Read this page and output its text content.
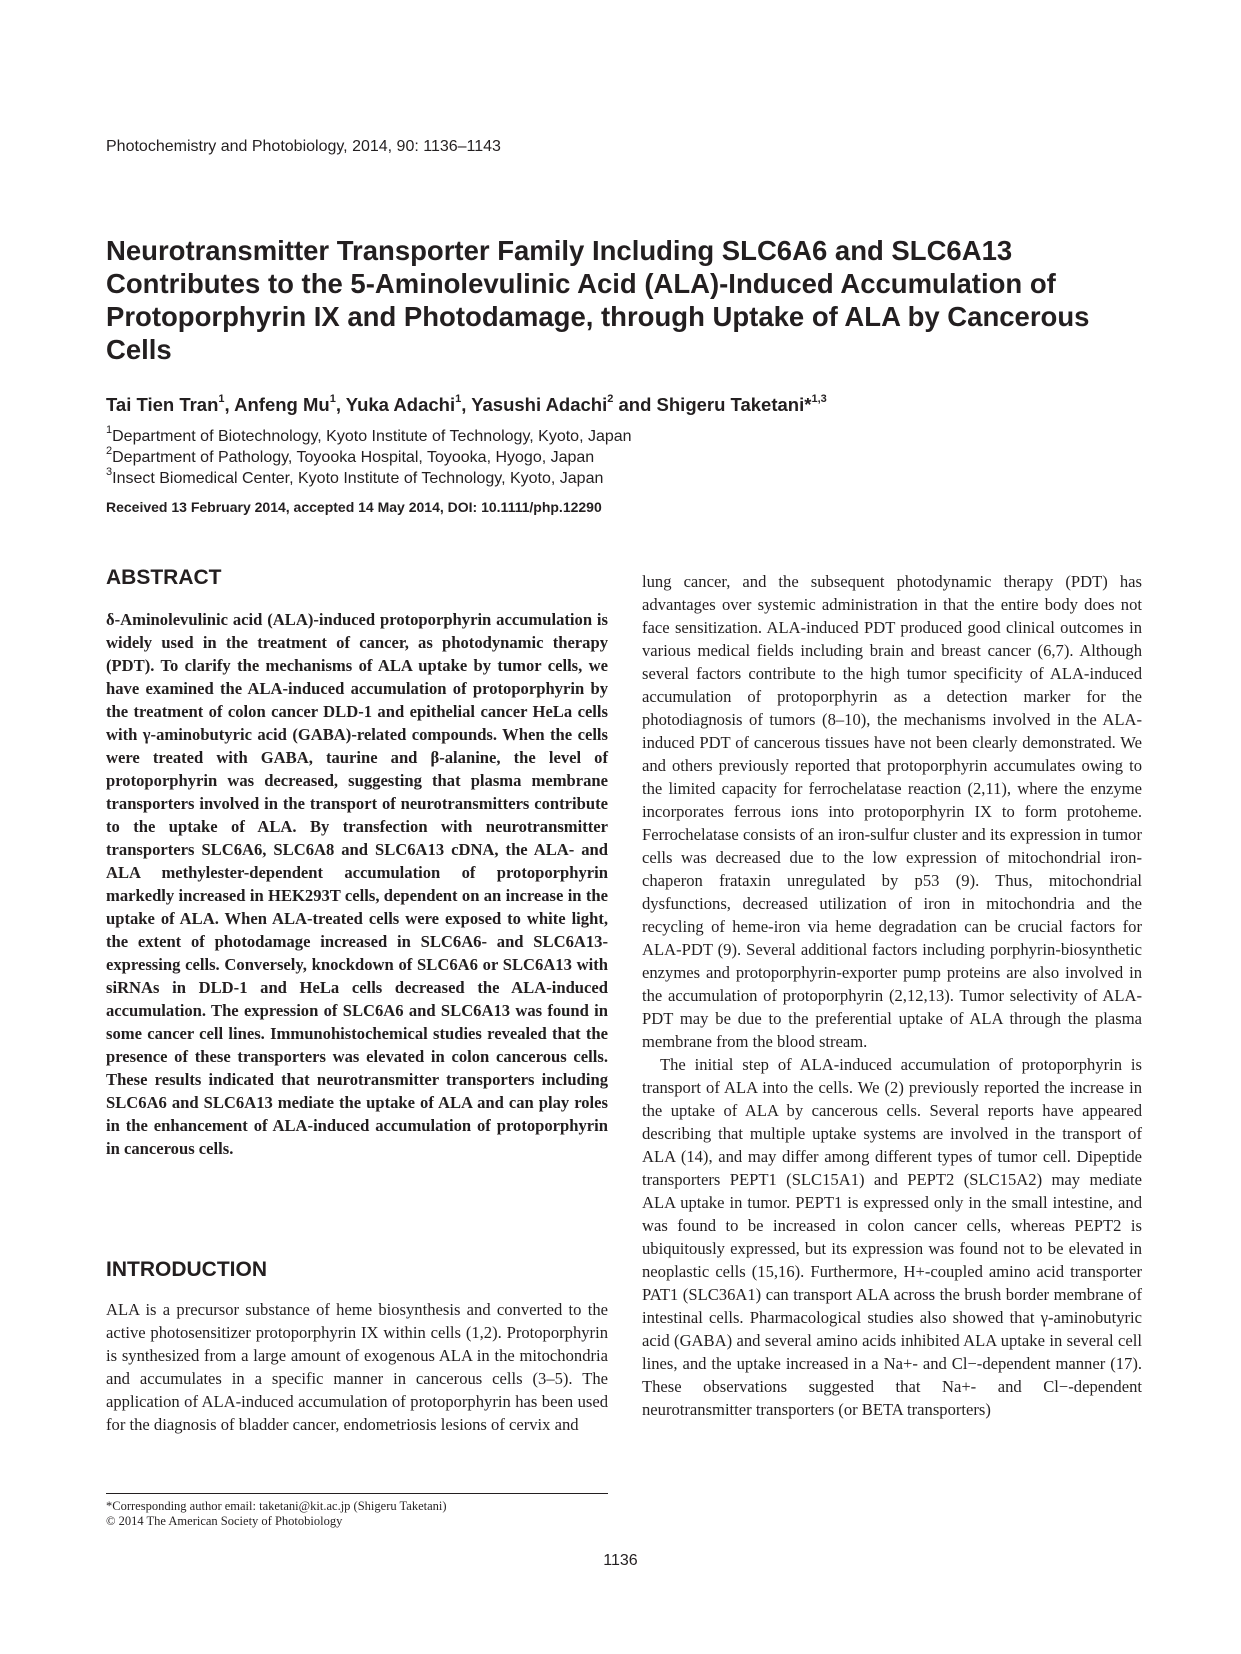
Photochemistry and Photobiology, 2014, 90: 1136–1143
Neurotransmitter Transporter Family Including SLC6A6 and SLC6A13 Contributes to the 5-Aminolevulinic Acid (ALA)-Induced Accumulation of Protoporphyrin IX and Photodamage, through Uptake of ALA by Cancerous Cells
Tai Tien Tran$^1$, Anfeng Mu$^1$, Yuka Adachi$^1$, Yasushi Adachi$^2$ and Shigeru Taketani*$^{1,3}$
$^1$Department of Biotechnology, Kyoto Institute of Technology, Kyoto, Japan
$^2$Department of Pathology, Toyooka Hospital, Toyooka, Hyogo, Japan
$^3$Insect Biomedical Center, Kyoto Institute of Technology, Kyoto, Japan
Received 13 February 2014, accepted 14 May 2014, DOI: 10.1111/php.12290
ABSTRACT
δ-Aminolevulinic acid (ALA)-induced protoporphyrin accumulation is widely used in the treatment of cancer, as photodynamic therapy (PDT). To clarify the mechanisms of ALA uptake by tumor cells, we have examined the ALA-induced accumulation of protoporphyrin by the treatment of colon cancer DLD-1 and epithelial cancer HeLa cells with γ-aminobutyric acid (GABA)-related compounds. When the cells were treated with GABA, taurine and β-alanine, the level of protoporphyrin was decreased, suggesting that plasma membrane transporters involved in the transport of neurotransmitters contribute to the uptake of ALA. By transfection with neurotransmitter transporters SLC6A6, SLC6A8 and SLC6A13 cDNA, the ALA- and ALA methylester-dependent accumulation of protoporphyrin markedly increased in HEK293T cells, dependent on an increase in the uptake of ALA. When ALA-treated cells were exposed to white light, the extent of photodamage increased in SLC6A6- and SLC6A13-expressing cells. Conversely, knockdown of SLC6A6 or SLC6A13 with siRNAs in DLD-1 and HeLa cells decreased the ALA-induced accumulation. The expression of SLC6A6 and SLC6A13 was found in some cancer cell lines. Immunohistochemical studies revealed that the presence of these transporters was elevated in colon cancerous cells. These results indicated that neurotransmitter transporters including SLC6A6 and SLC6A13 mediate the uptake of ALA and can play roles in the enhancement of ALA-induced accumulation of protoporphyrin in cancerous cells.
INTRODUCTION
ALA is a precursor substance of heme biosynthesis and converted to the active photosensitizer protoporphyrin IX within cells (1,2). Protoporphyrin is synthesized from a large amount of exogenous ALA in the mitochondria and accumulates in a specific manner in cancerous cells (3–5). The application of ALA-induced accumulation of protoporphyrin has been used for the diagnosis of bladder cancer, endometriosis lesions of cervix and

lung cancer, and the subsequent photodynamic therapy (PDT) has advantages over systemic administration in that the entire body does not face sensitization. ALA-induced PDT produced good clinical outcomes in various medical fields including brain and breast cancer (6,7). Although several factors contribute to the high tumor specificity of ALA-induced accumulation of protoporphyrin as a detection marker for the photodiagnosis of tumors (8–10), the mechanisms involved in the ALA-induced PDT of cancerous tissues have not been clearly demonstrated. We and others previously reported that protoporphyrin accumulates owing to the limited capacity for ferrochelatase reaction (2,11), where the enzyme incorporates ferrous ions into protoporphyrin IX to form protoheme. Ferrochelatase consists of an iron-sulfur cluster and its expression in tumor cells was decreased due to the low expression of mitochondrial iron-chaperon frataxin unregulated by p53 (9). Thus, mitochondrial dysfunctions, decreased utilization of iron in mitochondria and the recycling of heme-iron via heme degradation can be crucial factors for ALA-PDT (9). Several additional factors including porphyrin-biosynthetic enzymes and protoporphyrin-exporter pump proteins are also involved in the accumulation of protoporphyrin (2,12,13). Tumor selectivity of ALA-PDT may be due to the preferential uptake of ALA through the plasma membrane from the blood stream.

The initial step of ALA-induced accumulation of protoporphyrin is transport of ALA into the cells. We (2) previously reported the increase in the uptake of ALA by cancerous cells. Several reports have appeared describing that multiple uptake systems are involved in the transport of ALA (14), and may differ among different types of tumor cell. Dipeptide transporters PEPT1 (SLC15A1) and PEPT2 (SLC15A2) may mediate ALA uptake in tumor. PEPT1 is expressed only in the small intestine, and was found to be increased in colon cancer cells, whereas PEPT2 is ubiquitously expressed, but its expression was found not to be elevated in neoplastic cells (15,16). Furthermore, H+-coupled amino acid transporter PAT1 (SLC36A1) can transport ALA across the brush border membrane of intestinal cells. Pharmacological studies also showed that γ-aminobutyric acid (GABA) and several amino acids inhibited ALA uptake in several cell lines, and the uptake increased in a Na+- and Cl−-dependent manner (17). These observations suggested that Na+- and Cl−-dependent neurotransmitter transporters (or BETA transporters)

*Corresponding author email: taketani@kit.ac.jp (Shigeru Taketani)
© 2014 The American Society of Photobiology
1136
